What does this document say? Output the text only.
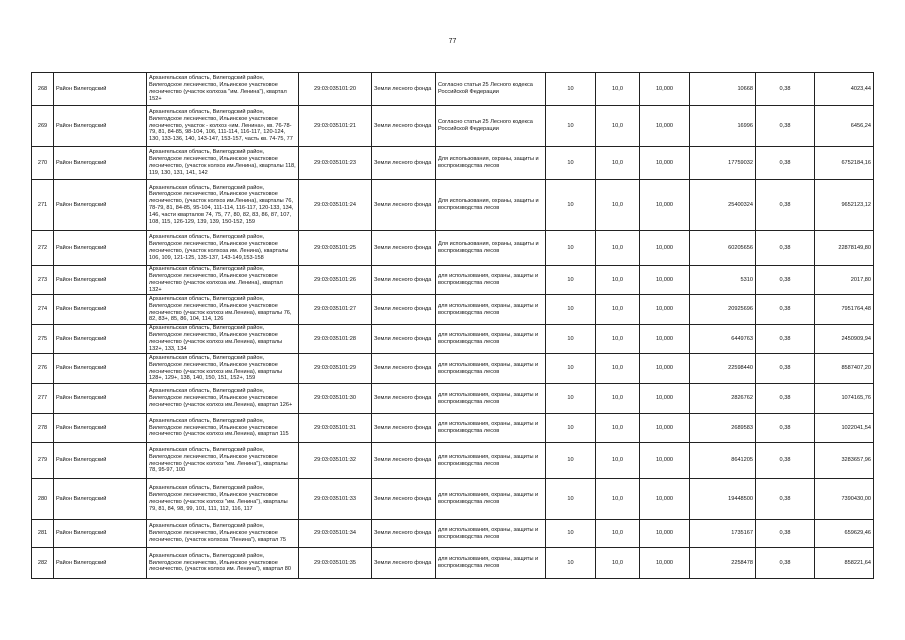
77
268	Район Вилегодский	Архангельская область, Вилегодский район, Вилегодское лесничество, Ильинское участковое лесничество (участок колхоза "им. Ленина"), квартал 152+	29:03:035101:20	Земли лесного фонда	Согласно статьи 25 Лесного кодекса Российской Федерации	10	10,0	10,000	10668	0,38	4023,44
269	Район Вилегодский	Архангельская область, Вилегодский район, Вилегодское лесничество, Ильинское участковое лесничество, участок - колхоз «им. Ленина», кв. 76-78-79, 81, 84-85, 98-104, 106, 111-114, 116-117, 120-124, 130, 133-136, 140, 143-147, 153-157, часть кв. 74-75, 77	29:03:035101:21	Земли лесного фонда	Согласно статьи 25 Лесного кодекса Российской Федерации	10	10,0	10,000	16996	0,38	6456,24
270	Район Вилегодский	Архангельская область, Вилегодский район, Вилегодское лесничество, Ильинское участковое лесничество, (участок колхоз им.Ленина), кварталы 118, 119, 130, 131, 141, 142	29:03:035101:23	Земли лесного фонда	Для использования, охраны, защиты и воспроизводства лесов	10	10,0	10,000	17759032	0,38	6752184,16
271	Район Вилегодский	Архангельская область, Вилегодский район, Вилегодское лесничество, Ильинское участковое лесничество, (участок колхоз им.Ленина), кварталы 76, 78-79, 81, 84-85, 95-104, 111-114, 116-117, 120-133, 134, 146, части кварталов 74, 75, 77, 80, 82, 83, 86, 87, 107, 108, 115, 126-129, 139, 139, 150-152, 159	29:03:035101:24	Земли лесного фонда	Для использования, охраны, защиты и воспроизводства лесов	10	10,0	10,000	25400324	0,38	9652123,12
272	Район Вилегодский	Архангельская область, Вилегодский район, Вилегодское лесничество, Ильинское участковое лесничество, (участок колхоза им. Ленина), кварталы 106, 109, 121-125, 135-137, 143-149,153-158	29:03:035101:25	Земли лесного фонда	Для использования, охраны, защиты и воспроизводства лесов	10	10,0	10,000	60205656	0,38	22878149,80
273	Район Вилегодский	Архангельская область, Вилегодский район, Вилегодское лесничество, Ильинское участковое лесничество (участок колхоза им. Ленина), квартал 132+	29:03:035101:26	Земли лесного фонда	для использования, охраны, защиты и воспроизводства лесов	10	10,0	10,000	5310	0,38	2017,80
274	Район Вилегодский	Архангельская область, Вилегодский район, Вилегодское лесничество, Ильинское участковое лесничество (участок колхоз им.Ленина), кварталы 76, 82, 83+, 85, 86, 104, 114, 126	29:03:035101:27	Земли лесного фонда	для использования, охраны, защиты и воспроизводства лесов	10	10,0	10,000	20925696	0,38	7951764,48
275	Район Вилегодский	Архангельская область, Вилегодский район, Вилегодское лесничество, Ильинское участковое лесничество (участок колхоз им.Ленина), кварталы 132+, 133, 134	29:03:035101:28	Земли лесного фонда	для использования, охраны, защиты и воспроизводства лесов	10	10,0	10,000	6449763	0,38	2450909,94
276	Район Вилегодский	Архангельская область, Вилегодский район, Вилегодское лесничество, Ильинское участковое лесничество (участок колхоз им.Ленина), кварталы 128+, 129+, 138, 140, 150, 151, 152+, 159	29:03:035101:29	Земли лесного фонда	для использования, охраны, защиты и воспроизводства лесов	10	10,0	10,000	22598440	0,38	8587407,20
277	Район Вилегодский	Архангельская область, Вилегодский район, Вилегодское лесничество, Ильинское участковое лесничество (участок колхоз им.Ленина), квартал 126+	29:03:035101:30	Земли лесного фонда	для использования, охраны, защиты и воспроизводства лесов	10	10,0	10,000	2826762	0,38	1074165,76
278	Район Вилегодский	Архангельская область, Вилегодский район, Вилегодское лесничество, Ильинское участковое лесничество (участок колхоз им.Ленина), квартал 115	29:03:035101:31	Земли лесного фонда	для использования, охраны, защиты и воспроизводства лесов	10	10,0	10,000	2689583	0,38	1022041,54
279	Район Вилегодский	Архангельская область, Вилегодский район, Вилегодское лесничество, Ильинское участковое лесничество (участок колхоз "им. Ленина"), кварталы 78, 95-97, 100	29:03:035101:32	Земли лесного фонда	для использования, охраны, защиты и воспроизводства лесов	10	10,0	10,000	8641205	0,38	3283657,96
280	Район Вилегодский	Архангельская область, Вилегодский район, Вилегодское лесничество, Ильинское участковое лесничество (участок колхоз "им. Ленина"), кварталы 79, 81, 84, 98, 99, 101, 111, 112, 116, 117	29:03:035101:33	Земли лесного фонда	для использования, охраны, защиты и воспроизводства лесов	10	10,0	10,000	19448500	0,38	7390430,00
281	Район Вилегодский	Архангельская область, Вилегодский район, Вилегодское лесничество, Ильинское участковое лесничество, (участок колхоза "Ленина"), квартал 75	29:03:035101:34	Земли лесного фонда	для использования, охраны, защиты и воспроизводства лесов	10	10,0	10,000	1735167	0,38	659629,46
282	Район Вилегодский	Архангельская область, Вилегодский район, Вилегодское лесничество, Ильинское участковое лесничество, (участок колхоз им. Ленина"), квартал 80	29:03:035101:35	Земли лесного фонда	для использования, охраны, защиты и воспроизводства лесов	10	10,0	10,000	2258478	0,38	858221,64
